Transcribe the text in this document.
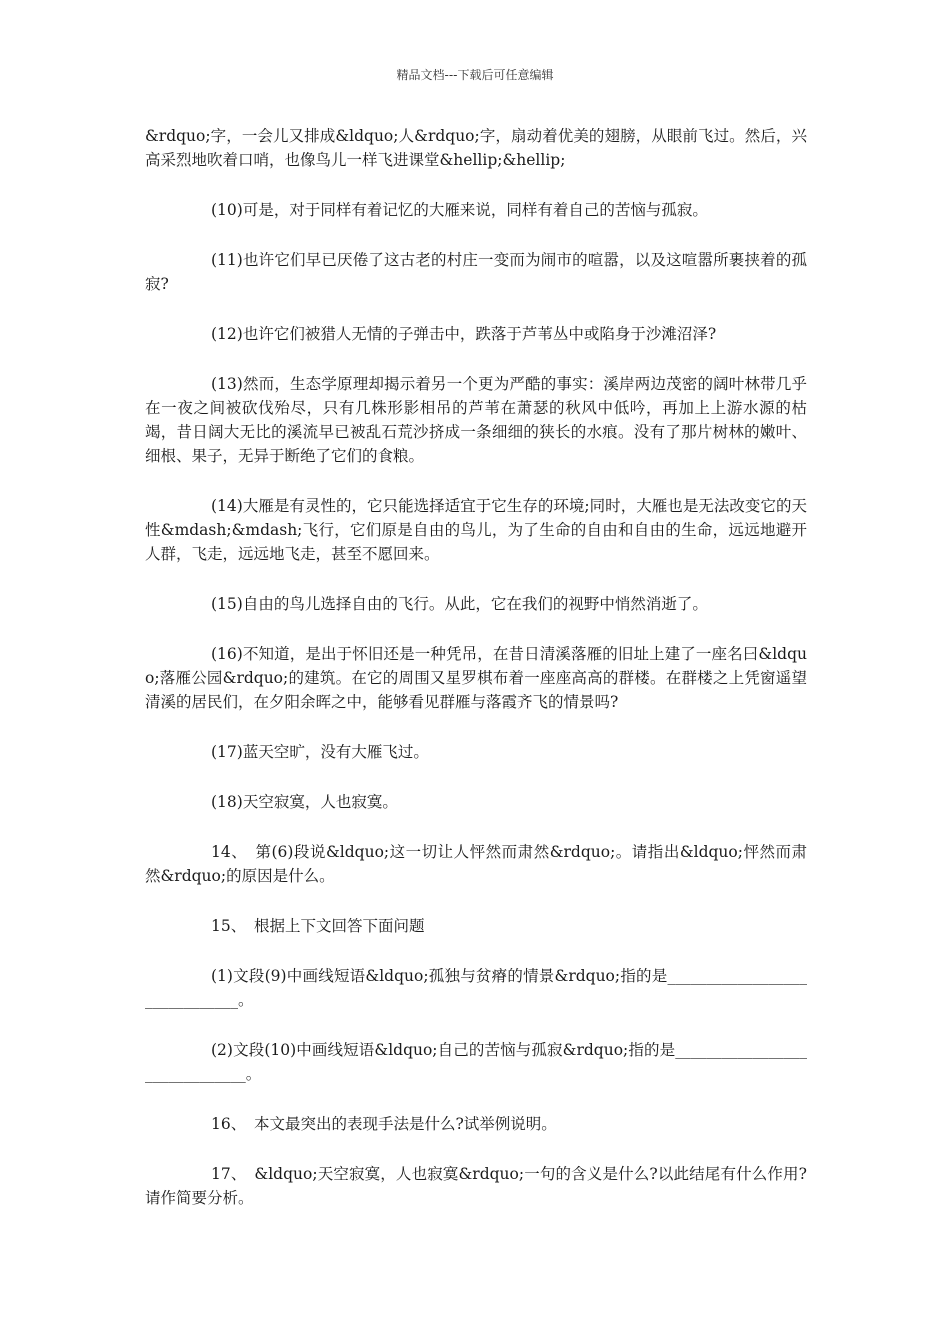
精品文档---下载后可任意编辑

&rdquo;字，一会儿又排成&ldquo;人&rdquo;字，扇动着优美的翅膀，从眼前飞过。然后，兴高采烈地吹着口哨，也像鸟儿一样飞进课堂&hellip;&hellip;

(10)可是，对于同样有着记忆的大雁来说，同样有着自己的苦恼与孤寂。

(11)也许它们早已厌倦了这古老的村庄一变而为闹市的喧嚣，以及这喧嚣所裹挟着的孤寂?

(12)也许它们被猎人无情的子弹击中，跌落于芦苇丛中或陷身于沙滩沼泽?

(13)然而，生态学原理却揭示着另一个更为严酷的事实：溪岸两边茂密的阔叶林带几乎在一夜之间被砍伐殆尽，只有几株形影相吊的芦苇在萧瑟的秋风中低吟，再加上上游水源的枯竭，昔日阔大无比的溪流早已被乱石荒沙挤成一条细细的狭长的水痕。没有了那片树林的嫩叶、细根、果子，无异于断绝了它们的食粮。

(14)大雁是有灵性的，它只能选择适宜于它生存的环境;同时，大雁也是无法改变它的天性&mdash;&mdash;飞行，它们原是自由的鸟儿，为了生命的自由和自由的生命，远远地避开人群，飞走，远远地飞走，甚至不愿回来。

(15)自由的鸟儿选择自由的飞行。从此，它在我们的视野中悄然消逝了。

(16)不知道，是出于怀旧还是一种凭吊，在昔日清溪落雁的旧址上建了一座名曰&ldquo;落雁公园&rdquo;的建筑。在它的周围又星罗棋布着一座座高高的群楼。在群楼之上凭窗遥望清溪的居民们，在夕阳余晖之中，能够看见群雁与落霞齐飞的情景吗?

(17)蓝天空旷，没有大雁飞过。

(18)天空寂寞，人也寂寞。

14、　第(6)段说&ldquo;这一切让人怦然而肃然&rdquo;。请指出&ldquo;怦然而肃然&rdquo;的原因是什么。

15、　根据上下文回答下面问题

(1)文段(9)中画线短语&ldquo;孤独与贫瘠的情景&rdquo;指的是______________________________。

(2)文段(10)中画线短语&ldquo;自己的苦恼与孤寂&rdquo;指的是______________________________。

16、　本文最突出的表现手法是什么?试举例说明。

17、　&ldquo;天空寂寞，人也寂寞&rdquo;一句的含义是什么?以此结尾有什么作用?请作简要分析。
